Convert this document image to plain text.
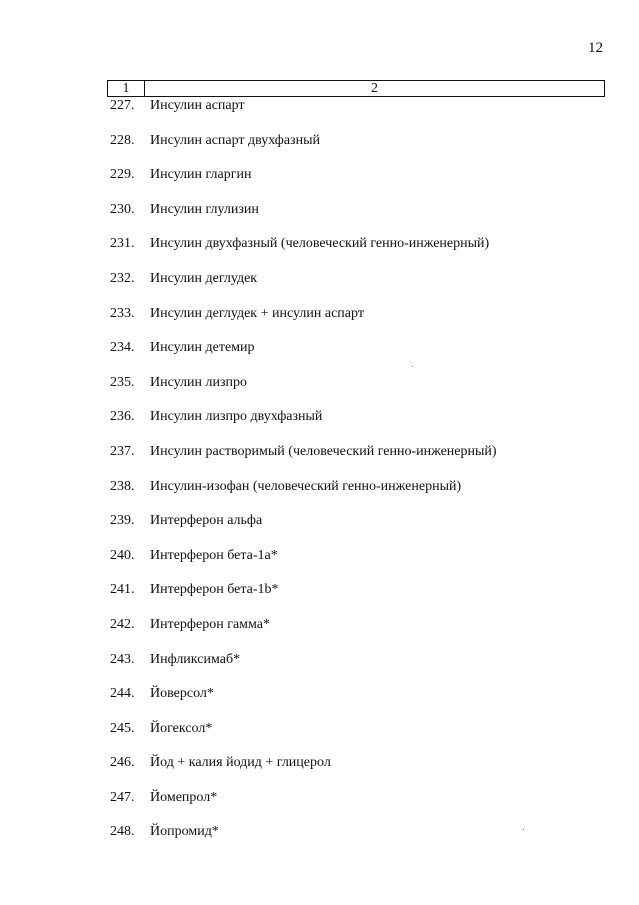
12
1	2
227.	Инсулин аспарт
228.	Инсулин аспарт двухфазный
229.	Инсулин гларгин
230.	Инсулин глулизин
231.	Инсулин двухфазный (человеческий генно-инженерный)
232.	Инсулин деглудек
233.	Инсулин деглудек + инсулин аспарт
234.	Инсулин детемир
235.	Инсулин лизпро
236.	Инсулин лизпро двухфазный
237.	Инсулин растворимый (человеческий генно-инженерный)
238.	Инсулин-изофан (человеческий генно-инженерный)
239.	Интерферон альфа
240.	Интерферон бета-1a*
241.	Интерферон бета-1b*
242.	Интерферон гамма*
243.	Инфликсимаб*
244.	Йоверсол*
245.	Йогексол*
246.	Йод + калия йодид + глицерол
247.	Йомепрол*
248.	Йопромид*
